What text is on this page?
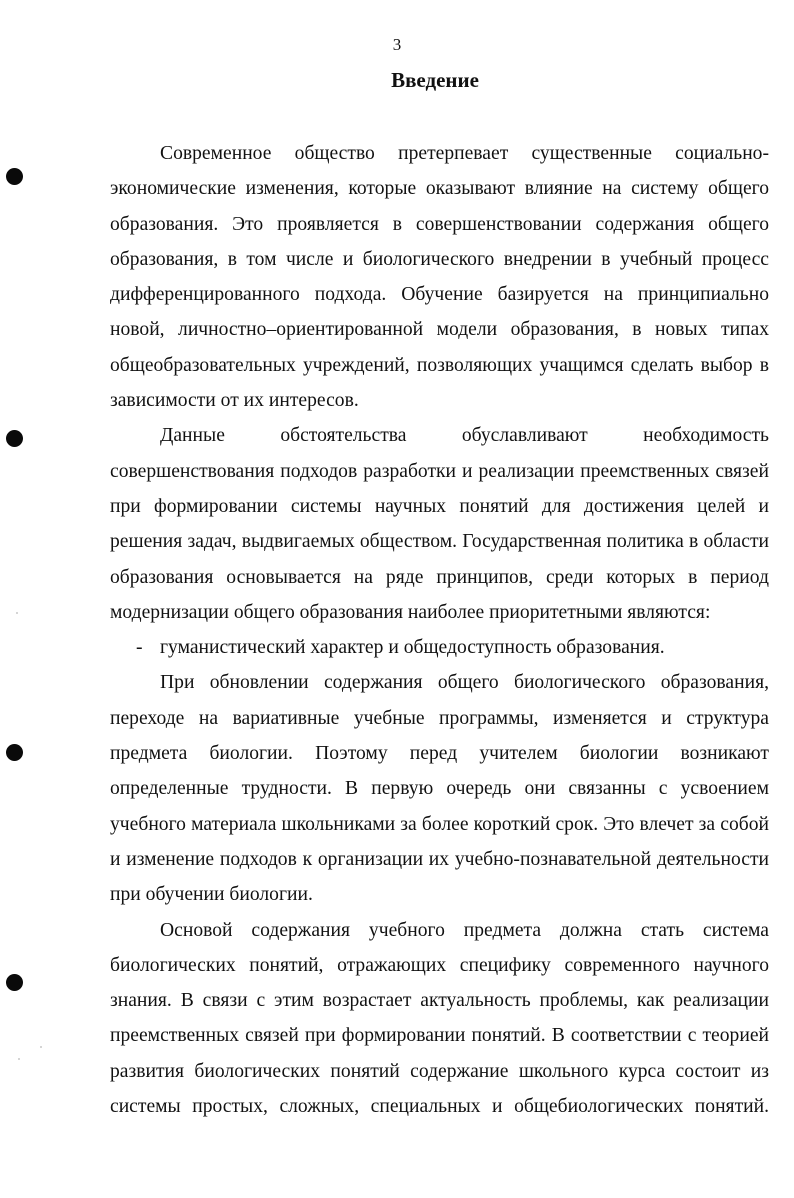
3
Введение

Современное общество претерпевает существенные социально-экономические изменения, которые оказывают влияние на систему общего образования. Это проявляется в совершенствовании содержания общего образования, в том числе и биологического внедрении в учебный процесс дифференцированного подхода. Обучение базируется на принципиально новой, личностно–ориентированной модели образования, в новых типах общеобразовательных учреждений, позволяющих учащимся сделать выбор в зависимости от их интересов.

Данные обстоятельства обуславливают необходимость совершенствования подходов разработки и реализации преемственных связей при формировании системы научных понятий для достижения целей и решения задач, выдвигаемых обществом. Государственная политика в области образования основывается на ряде принципов, среди которых в период модернизации общего образования наиболее приоритетными являются:

- гуманистический характер и общедоступность образования.

При обновлении содержания общего биологического образования, переходе на вариативные учебные программы, изменяется и структура предмета биологии. Поэтому перед учителем биологии возникают определенные трудности. В первую очередь они связанны с усвоением учебного материала школьниками за более короткий срок. Это влечет за собой и изменение подходов к организации их учебно-познавательной деятельности при обучении биологии.

Основой содержания учебного предмета должна стать система биологических понятий, отражающих специфику современного научного знания. В связи с этим возрастает актуальность проблемы, как реализации преемственных связей при формировании понятий. В соответствии с теорией развития биологических понятий содержание школьного курса состоит из системы простых, сложных, специальных и общебиологических понятий.
